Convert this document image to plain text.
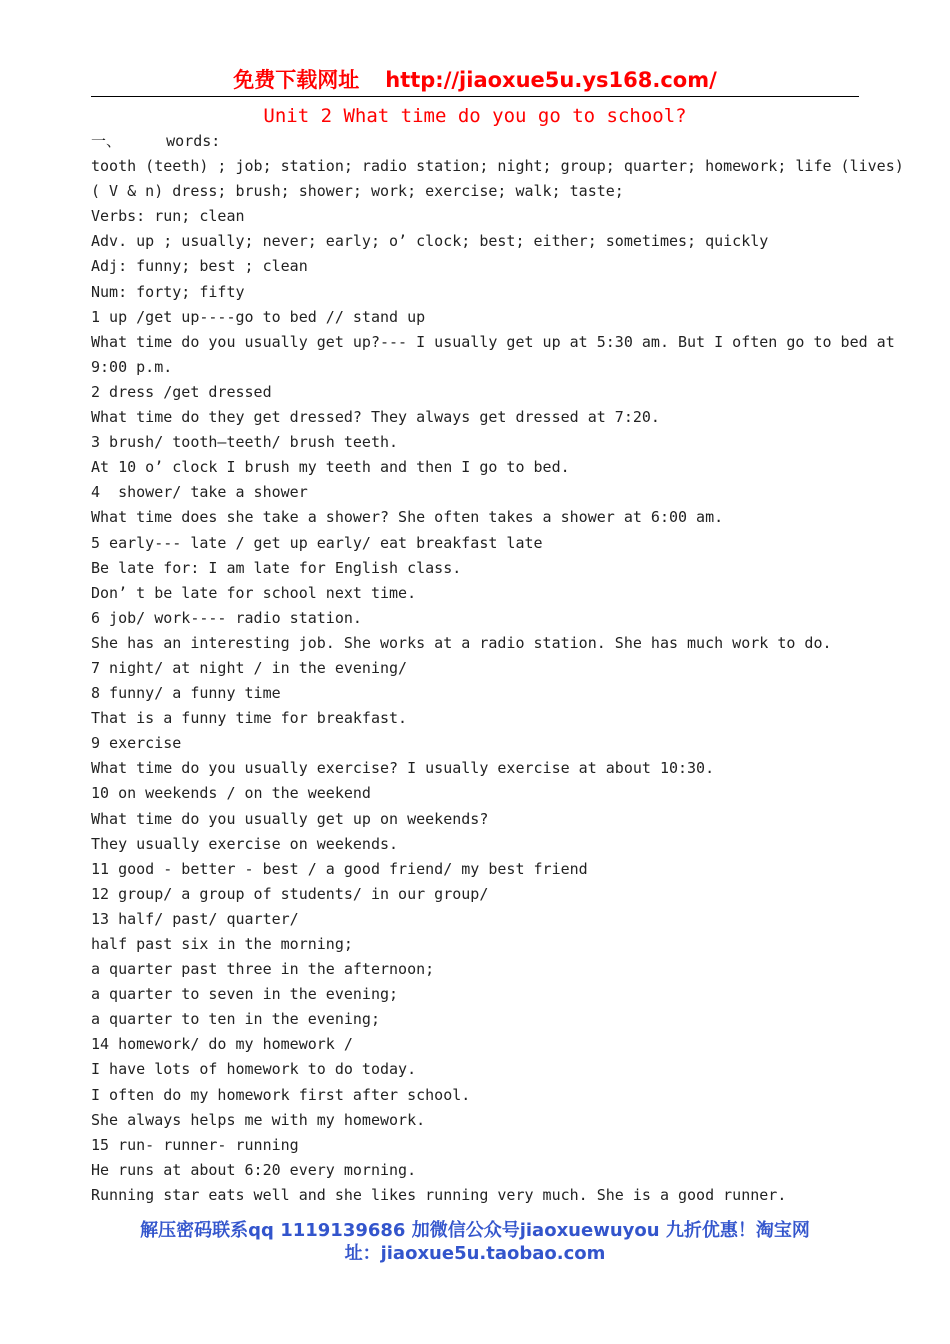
免费下载网址 http://jiaoxue5u.ys168.com/
Unit 2 What time do you go to school?
一、     words:
tooth (teeth) ; job; station; radio station; night; group; quarter; homework; life (lives)
( V & n) dress; brush; shower; work; exercise; walk; taste;
Verbs: run; clean
Adv. up ; usually; never; early; o’ clock; best; either; sometimes; quickly
Adj: funny; best ; clean
Num: forty; fifty
1 up /get up----go to bed // stand up
What time do you usually get up?--- I usually get up at 5:30 am. But I often go to bed at
9:00 p.m.
2 dress /get dressed
What time do they get dressed? They always get dressed at 7:20.
3 brush/ tooth—teeth/ brush teeth.
At 10 o’ clock I brush my teeth and then I go to bed.
4  shower/ take a shower
What time does she take a shower? She often takes a shower at 6:00 am.
5 early--- late / get up early/ eat breakfast late
Be late for: I am late for English class.
Don’ t be late for school next time.
6 job/ work---- radio station.
She has an interesting job. She works at a radio station. She has much work to do.
7 night/ at night / in the evening/
8 funny/ a funny time
That is a funny time for breakfast.
9 exercise
What time do you usually exercise? I usually exercise at about 10:30.
10 on weekends / on the weekend
What time do you usually get up on weekends?
They usually exercise on weekends.
11 good - better - best / a good friend/ my best friend
12 group/ a group of students/ in our group/
13 half/ past/ quarter/
half past six in the morning;
a quarter past three in the afternoon;
a quarter to seven in the evening;
a quarter to ten in the evening;
14 homework/ do my homework /
I have lots of homework to do today.
I often do my homework first after school.
She always helps me with my homework.
15 run- runner- running
He runs at about 6:20 every morning.
Running star eats well and she likes running very much. She is a good runner.
解压密码联系qq 1119139686 加微信公众号jiaoxuewuyou 九折优惠！淘宝网
址：jiaoxue5u.taobao.com
